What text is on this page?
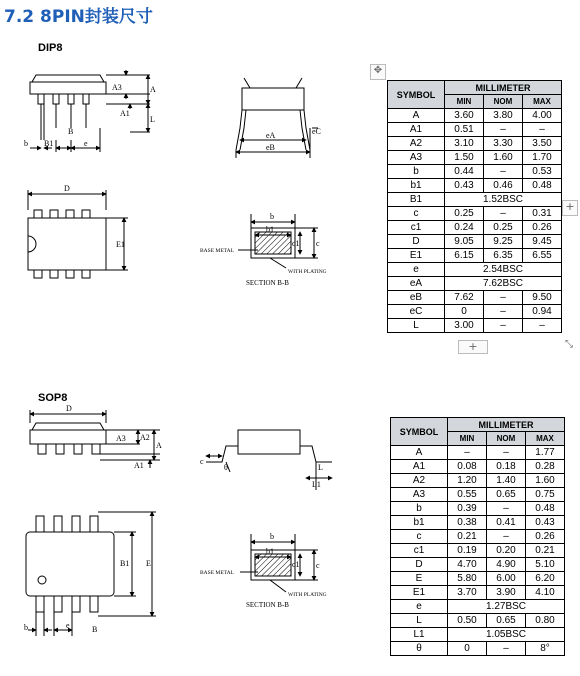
7.2 8PIN封装尺寸
DIP8
A3	A
A1
L
b B1	e
B	eA
eB
eC
D
E1
b
b1
c1 c
BASE METAL
WITH PLATING
SECTION B-B
D
A3 A2
A
A1	c
θ
L1
L
B1 E
b	e	B
b
b1
c1 c
BASE METAL
WITH PLATING
SECTION B-B
SOP8
SYMBOL	MILLIMETER		
	MIN	NOM	MAX
A	3.60	3.80	4.00
A1	0.51	–	–
A2	3.10	3.30	3.50
A3	1.50	1.60	1.70
b	0.44	–	0.53
b1	0.43	0.46	0.48
B1	1.52BSC		
c	0.25	–	0.31
c1	0.24	0.25	0.26
D	9.05	9.25	9.45
E1	6.15	6.35	6.55
e	2.54BSC		
eA	7.62BSC		
eB	7.62	–	9.50
eC	0	–	0.94
L	3.00	–	–
SYMBOL	MILLIMETER		
	MIN	NOM	MAX
A	–	–	1.77
A1	0.08	0.18	0.28
A2	1.20	1.40	1.60
A3	0.55	0.65	0.75
b	0.39	–	0.48
b1	0.38	0.41	0.43
c	0.21	–	0.26
c1	0.19	0.20	0.21
D	4.70	4.90	5.10
E	5.80	6.00	6.20
E1	3.70	3.90	4.10
e	1.27BSC		
L	0.50	0.65	0.80
L1	1.05BSC		
θ	0	–	8°
✥
+
+	⤡
